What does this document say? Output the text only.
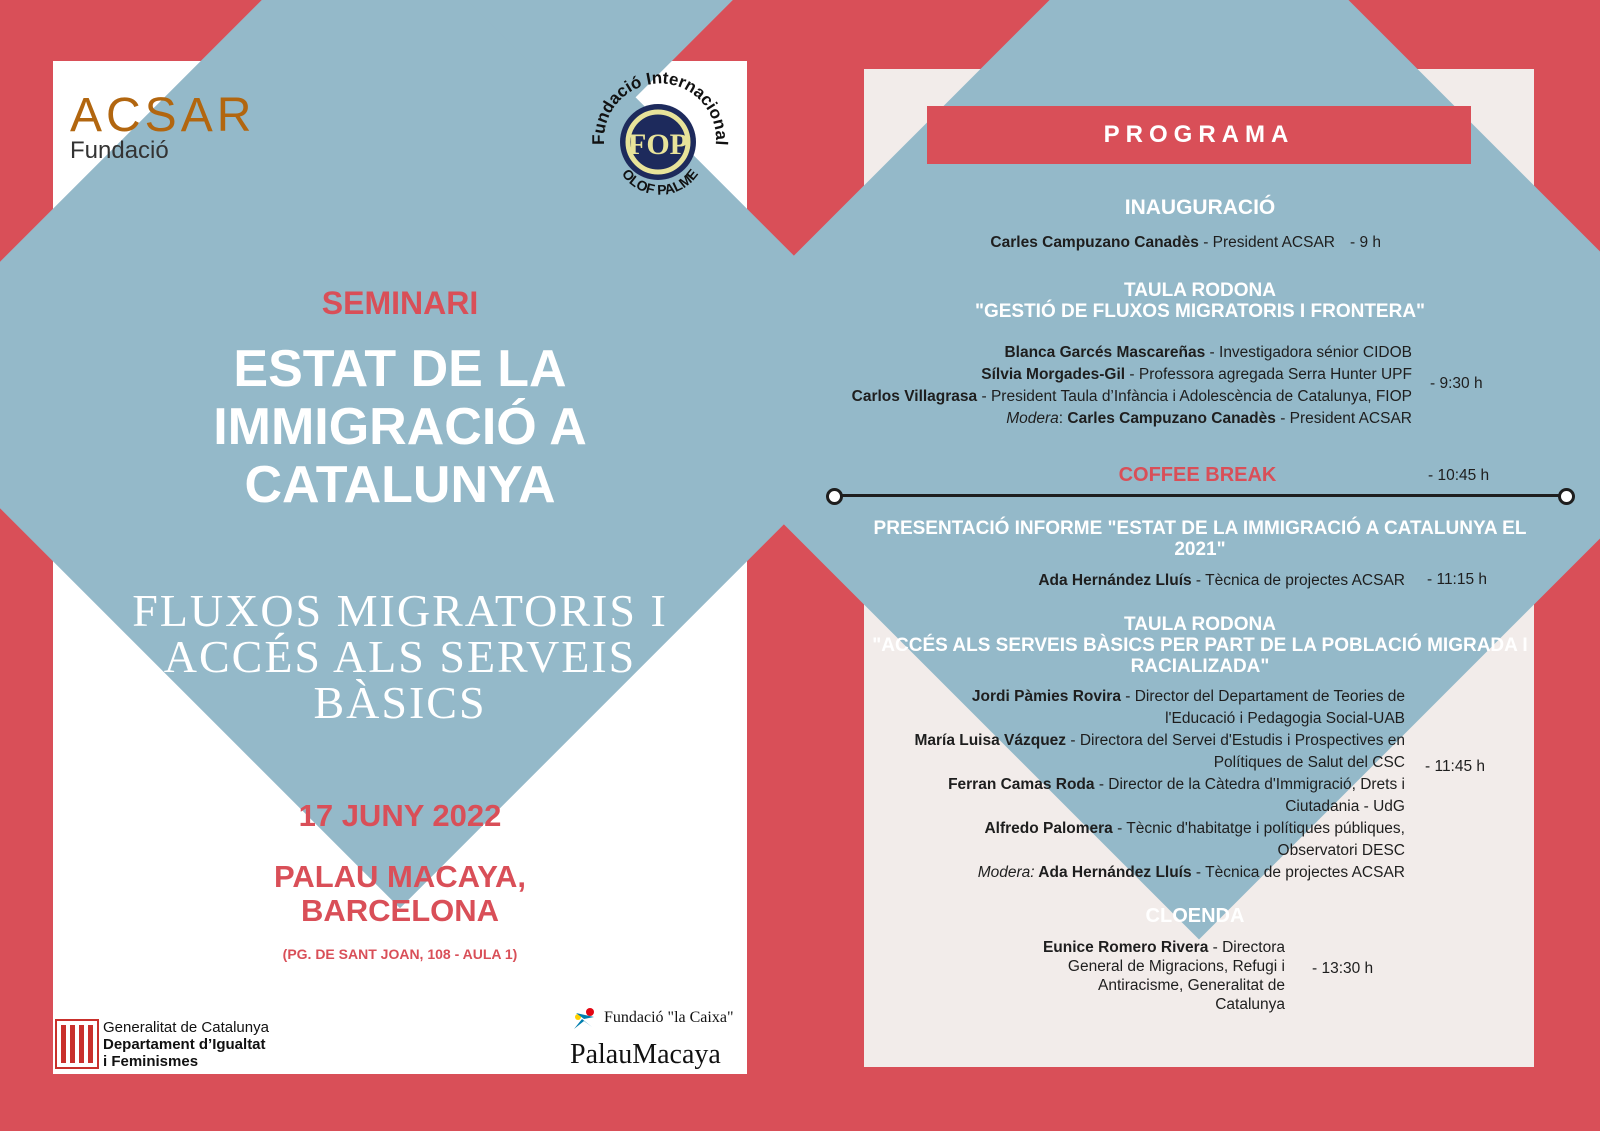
ACSAR
Fundació	FOP
Fundació Internacional
OLOF PALME
SEMINARI
ESTAT DE LA
IMMIGRACIÓ A
CATALUNYA
FLUXOS MIGRATORIS I
ACCÉS ALS SERVEIS
BÀSICS
17 JUNY 2022
PALAU MACAYA,
BARCELONA
(PG. DE SANT JOAN, 108 - AULA 1)
Generalitat de Catalunya
Departament d’Igualtat
i Feminismes
Fundació "la Caixa"
PalauMacaya
PROGRAMA
INAUGURACIÓ
Carles Campuzano Canadès - President ACSAR - 9 h
TAULA RODONA
"GESTIÓ DE FLUXOS MIGRATORIS I FRONTERA"
Blanca Garcés Mascareñas - Investigadora sénior CIDOB
Sílvia Morgades-Gil - Professora agregada Serra Hunter UPF
Carlos Villagrasa - President Taula d’Infància i Adolescència de Catalunya, FIOP
Modera: Carles Campuzano Canadès - President ACSAR
- 9:30 h
COFFEE BREAK	- 10:45 h
PRESENTACIÓ INFORME "ESTAT DE LA IMMIGRACIÓ A CATALUNYA EL
2021"
Ada Hernández Lluís - Tècnica de projectes ACSAR - 11:15 h
TAULA RODONA
"ACCÉS ALS SERVEIS BÀSICS PER PART DE LA POBLACIÓ MIGRADA I
RACIALIZADA"
Jordi Pàmies Rovira - Director del Departament de Teories de
l'Educació i Pedagogia Social-UAB
María Luisa Vázquez - Directora del Servei d'Estudis i Prospectives en
Polítiques de Salut del CSC
Ferran Camas Roda - Director de la Càtedra d'Immigració, Drets i
Ciutadania - UdG
Alfredo Palomera - Tècnic d'habitatge i polítiques públiques,
Observatori DESC
Modera: Ada Hernández Lluís - Tècnica de projectes ACSAR
- 11:45 h
CLOENDA
Eunice Romero Rivera - Directora
General de Migracions, Refugi i
Antiracisme, Generalitat de
Catalunya
- 13:30 h
